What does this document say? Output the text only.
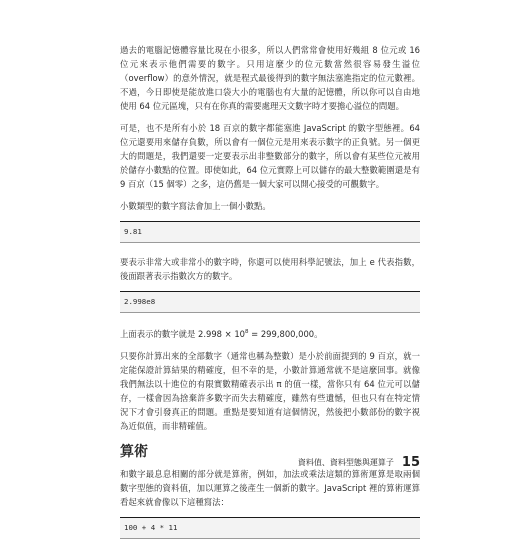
過去的電腦記憶體容量比現在小很多，所以人們常常會使用好幾組 8 位元或 16 位元來表示他們需要的數字。只用這麼少的位元數當然很容易發生溢位（overflow）的意外情況，就是程式最後得到的數字無法塞進指定的位元數裡。不過，今日即使是能放進口袋大小的電腦也有大量的記憶體，所以你可以自由地使用 64 位元區塊，只有在你真的需要處理天文數字時才要擔心溢位的問題。

可是，也不是所有小於 18 百京的數字都能塞進 JavaScript 的數字型態裡。64 位元還要用來儲存負數，所以會有一個位元是用來表示數字的正負號。另一個更大的問題是，我們還要一定要表示出非整數部分的數字，所以會有某些位元被用於儲存小數點的位置。即使如此，64 位元實際上可以儲存的最大整數範圍還是有 9 百京（15 個零）之多，這仍舊是一個大家可以開心接受的可觀數字。

小數類型的數字寫法會加上一個小數點。

9.81

要表示非常大或非常小的數字時，你還可以使用科學記號法，加上 e 代表指數，後面跟著表示指數次方的數字。

2.998e8

上面表示的數字就是 $2.998 \times 10^8 = 299,800,000$。

只要你計算出來的全部數字（通常也稱為整數）是小於前面提到的 9 百京，就一定能保證計算結果的精確度，但不幸的是，小數計算通常就不是這麼回事。就像我們無法以十進位的有限實數精確表示出 π 的值一樣，當你只有 64 位元可以儲存，一樣會因為捨棄許多數字而失去精確度，雖然有些遺憾，但也只有在特定情況下才會引發真正的問題。重點是要知道有這個情況，然後把小數部份的數字視為近似值，而非精確值。

算術

和數字最息息相關的部分就是算術，例如，加法或乘法這類的算術運算是取兩個數字型態的資料值，加以運算之後產生一個新的數字。JavaScript 裡的算術運算看起來就會像以下這種寫法：

100 + 4 * 11
資料值、資料型態與運算子 15
